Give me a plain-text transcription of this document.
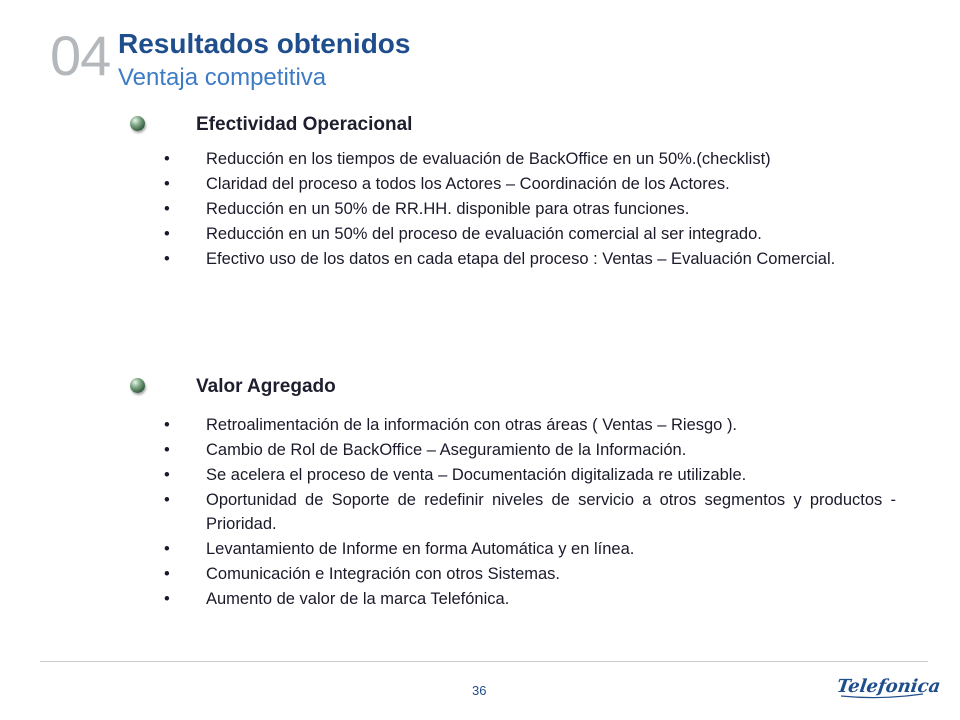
04 Resultados obtenidos
Ventaja competitiva
Efectividad Operacional
• Reducción en los tiempos de evaluación de BackOffice en un 50%.(checklist)
• Claridad del proceso a todos los Actores – Coordinación de los Actores.
• Reducción en un 50% de RR.HH. disponible para otras funciones.
• Reducción en un 50% del proceso de evaluación comercial al ser integrado.
• Efectivo uso de los datos en cada etapa del proceso : Ventas – Evaluación Comercial.
Valor Agregado
• Retroalimentación de la información con otras áreas ( Ventas – Riesgo ).
• Cambio de Rol de BackOffice – Aseguramiento de la Información.
• Se acelera el proceso de venta – Documentación digitalizada re utilizable.
• Oportunidad de Soporte de redefinir niveles de servicio a otros segmentos y productos - Prioridad.
• Levantamiento de Informe en forma Automática y en línea.
• Comunicación e Integración con otros Sistemas.
• Aumento de valor de la marca Telefónica.
36	Telefonica
